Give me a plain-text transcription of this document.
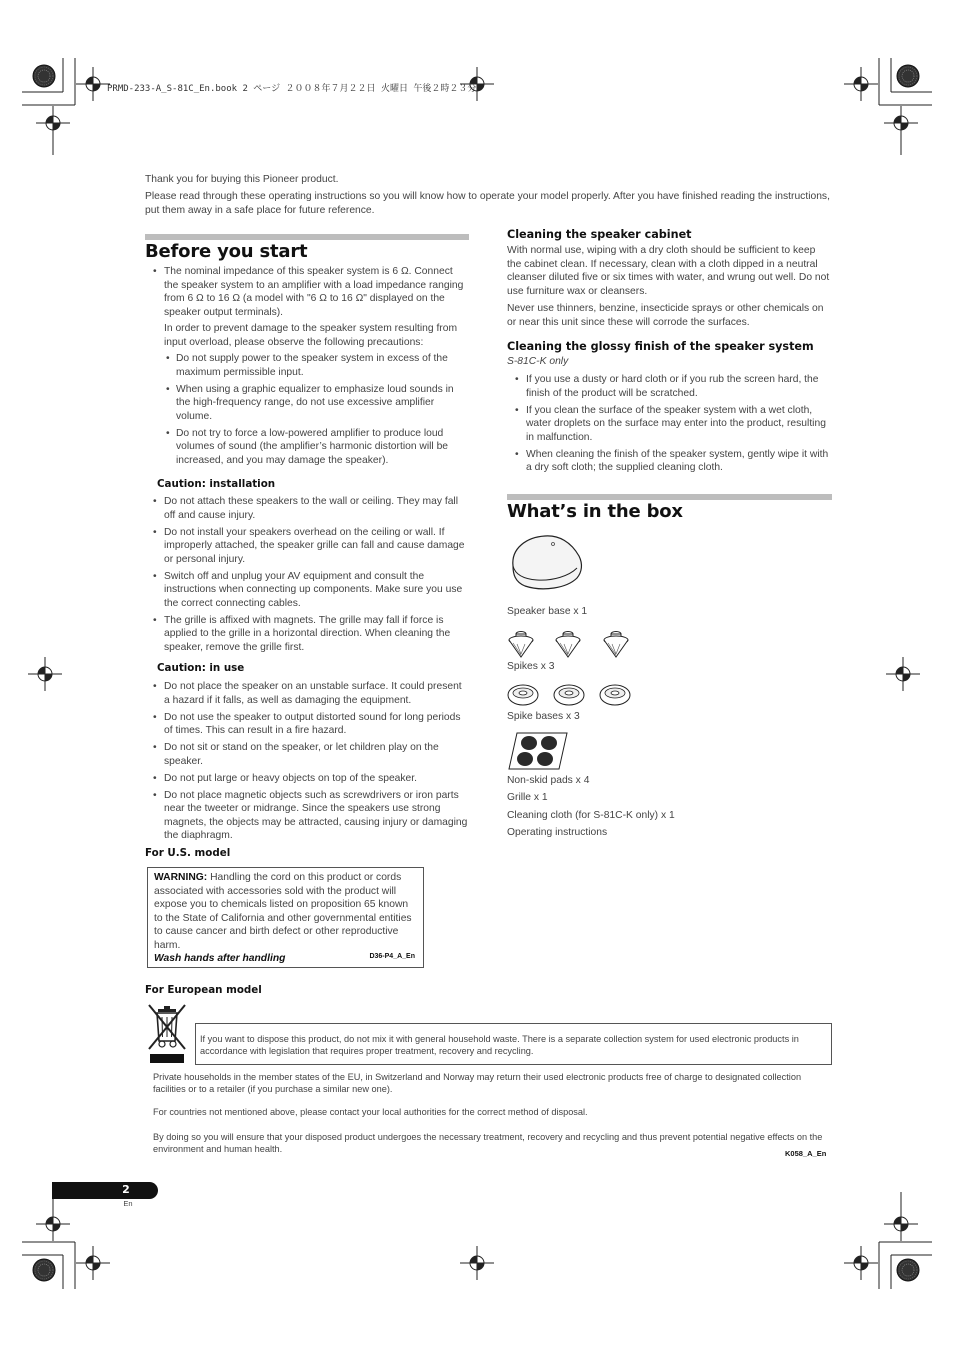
PRMD-233-A_S-81C_En.book 2 ページ ２００８年７月２２日 火曜日 午後２時２３分
Thank you for buying this Pioneer product.
Please read through these operating instructions so you will know how to operate your model properly. After you have finished reading the instructions, put them away in a safe place for future reference.
Before you start
• The nominal impedance of this speaker system is 6 Ω. Connect the speaker system to an amplifier with a load impedance ranging from 6 Ω to 16 Ω (a model with "6 Ω to 16 Ω" displayed on the speaker output terminals).
In order to prevent damage to the speaker system resulting from input overload, please observe the following precautions:
• Do not supply power to the speaker system in excess of the maximum permissible input.
• When using a graphic equalizer to emphasize loud sounds in the high-frequency range, do not use excessive amplifier volume.
• Do not try to force a low-powered amplifier to produce loud volumes of sound (the amplifier’s harmonic distortion will be increased, and you may damage the speaker).
Caution: installation
• Do not attach these speakers to the wall or ceiling. They may fall off and cause injury.
• Do not install your speakers overhead on the ceiling or wall. If improperly attached, the speaker grille can fall and cause damage or personal injury.
• Switch off and unplug your AV equipment and consult the instructions when connecting up components. Make sure you use the correct connecting cables.
• The grille is affixed with magnets. The grille may fall if force is applied to the grille in a horizontal direction. When cleaning the speaker, remove the grille first.
Caution: in use
• Do not place the speaker on an unstable surface. It could present a hazard if it falls, as well as damaging the equipment.
• Do not use the speaker to output distorted sound for long periods of times. This can result in a fire hazard.
• Do not sit or stand on the speaker, or let children play on the speaker.
• Do not put large or heavy objects on top of the speaker.
• Do not place magnetic objects such as screwdrivers or iron parts near the tweeter or midrange. Since the speakers use strong magnets, the objects may be attracted, causing injury or damaging the diaphragm.
For U.S. model
WARNING: Handling the cord on this product or cords associated with accessories sold with the product will expose you to chemicals listed on proposition 65 known to the State of California and other governmental entities to cause cancer and birth defect or other reproductive harm.
Wash hands after handling	D36-P4_A_En
For European model
If you want to dispose this product, do not mix it with general household waste. There is a separate collection system for used electronic products in accordance with legislation that requires proper treatment, recovery and recycling.
Private households in the member states of the EU, in Switzerland and Norway may return their used electronic products free of charge to designated collection facilities or to a retailer (if you purchase a similar new one).
For countries not mentioned above, please contact your local authorities for the correct method of disposal.
By doing so you will ensure that your disposed product undergoes the necessary treatment, recovery and recycling and thus prevent potential negative effects on the environment and human health.	K058_A_En
Cleaning the speaker cabinet
With normal use, wiping with a dry cloth should be sufficient to keep the cabinet clean. If necessary, clean with a cloth dipped in a neutral cleanser diluted five or six times with water, and wrung out well. Do not use furniture wax or cleansers.
Never use thinners, benzine, insecticide sprays or other chemicals on or near this unit since these will corrode the surfaces.
Cleaning the glossy finish of the speaker system
S-81C-K only
• If you use a dusty or hard cloth or if you rub the screen hard, the finish of the product will be scratched.
• If you clean the surface of the speaker system with a wet cloth, water droplets on the surface may enter into the product, resulting in malfunction.
• When cleaning the finish of the speaker system, gently wipe it with a dry soft cloth; the supplied cleaning cloth.
What’s in the box
Speaker base x 1
Spikes x 3
Spike bases x 3
Non-skid pads x 4
Grille x 1
Cleaning cloth (for S-81C-K only) x 1
Operating instructions
2
En
